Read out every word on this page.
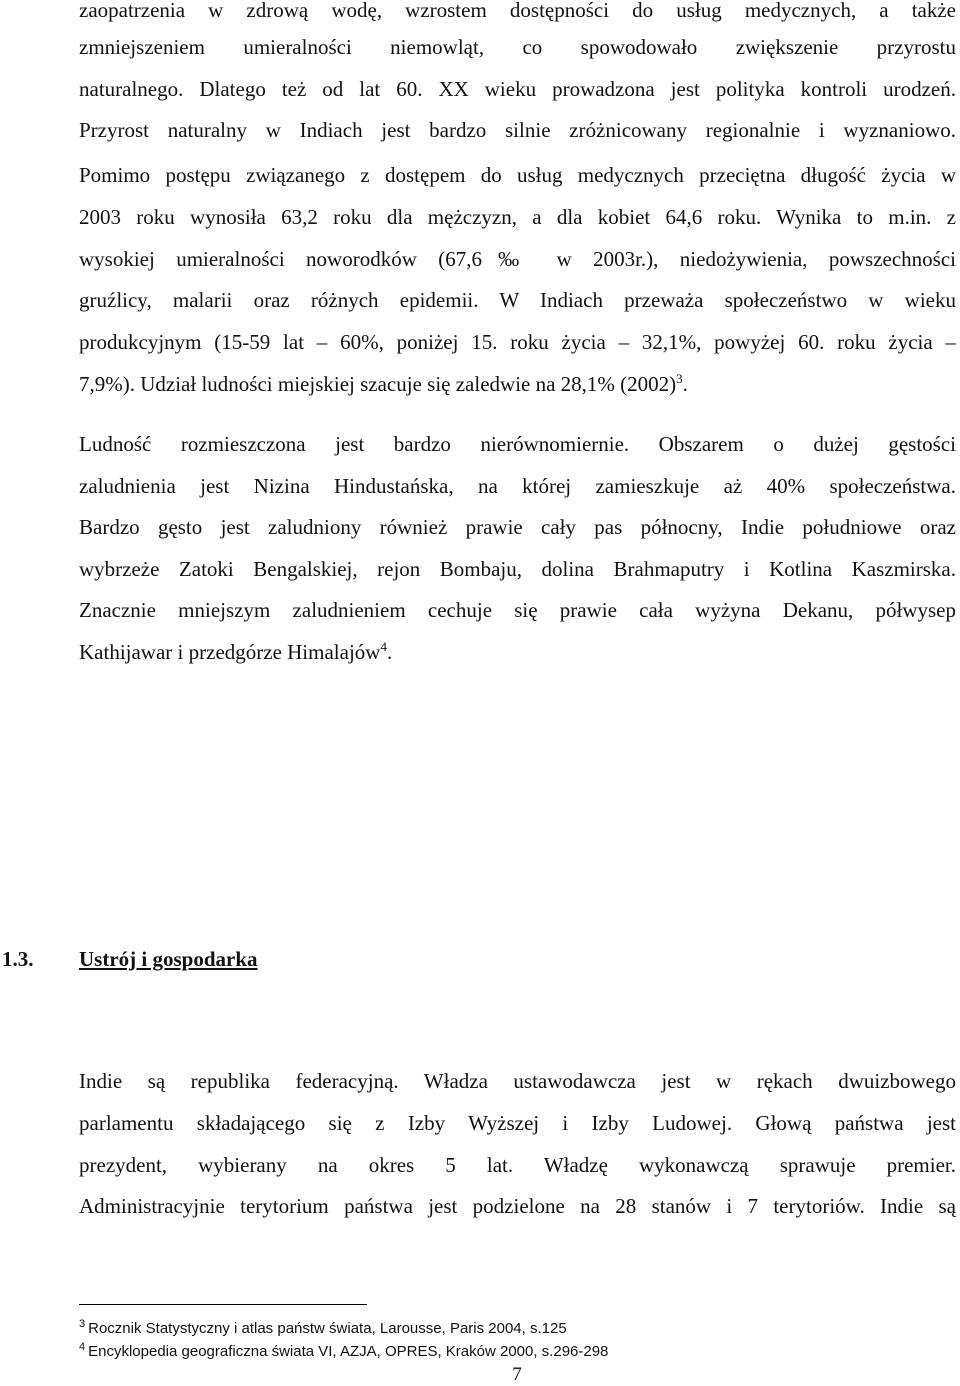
zaopatrzenia w zdrową wodę, wzrostem dostępności do usług medycznych, a także
zmniejszeniem umieralności niemowląt, co spowodowało zwiększenie przyrostu
naturalnego. Dlatego też od lat 60. XX wieku prowadzona jest polityka kontroli urodzeń.
Przyrost naturalny w Indiach jest bardzo silnie zróżnicowany regionalnie i wyznaniowo.
Pomimo postępu związanego z dostępem do usług medycznych przeciętna długość życia w
2003 roku wynosiła 63,2 roku dla mężczyzn, a dla kobiet 64,6 roku. Wynika to m.in. z
wysokiej umieralności noworodków (67,6‰ w 2003r.), niedożywienia, powszechności
gruźlicy, malarii oraz różnych epidemii. W Indiach przeważa społeczeństwo w wieku
produkcyjnym (15-59 lat – 60%, poniżej 15. roku życia – 32,1%, powyżej 60. roku życia –
7,9%). Udział ludności miejskiej szacuje się zaledwie na 28,1% $(2002)^3$.
Ludność rozmieszczona jest bardzo nierównomiernie. Obszarem o dużej gęstości
zaludnienia jest Nizina Hindustańska, na której zamieszkuje aż 40% społeczeństwa.
Bardzo gęsto jest zaludniony również prawie cały pas północny, Indie południowe oraz
wybrzeże Zatoki Bengalskiej, rejon Bombaju, dolina Brahmaputry i Kotlina Kaszmirska.
Znacznie mniejszym zaludnieniem cechuje się prawie cała wyżyna Dekanu, półwysep
Kathijawar i przedgórze Himalajów$^4$.
1.3. Ustrój i gospodarka
Indie są republika federacyjną. Władza ustawodawcza jest w rękach dwuizbowego
parlamentu składającego się z Izby Wyższej i Izby Ludowej. Głową państwa jest
prezydent, wybierany na okres 5 lat. Władzę wykonawczą sprawuje premier.
Administracyjnie terytorium państwa jest podzielone na 28 stanów i 7 terytoriów. Indie są
$^3$ Rocznik Statystyczny i atlas państw świata, Larousse, Paris 2004, s.125
$^4$ Encyklopedia geograficzna świata VI, AZJA, OPRES, Kraków 2000, s.296-298
7
